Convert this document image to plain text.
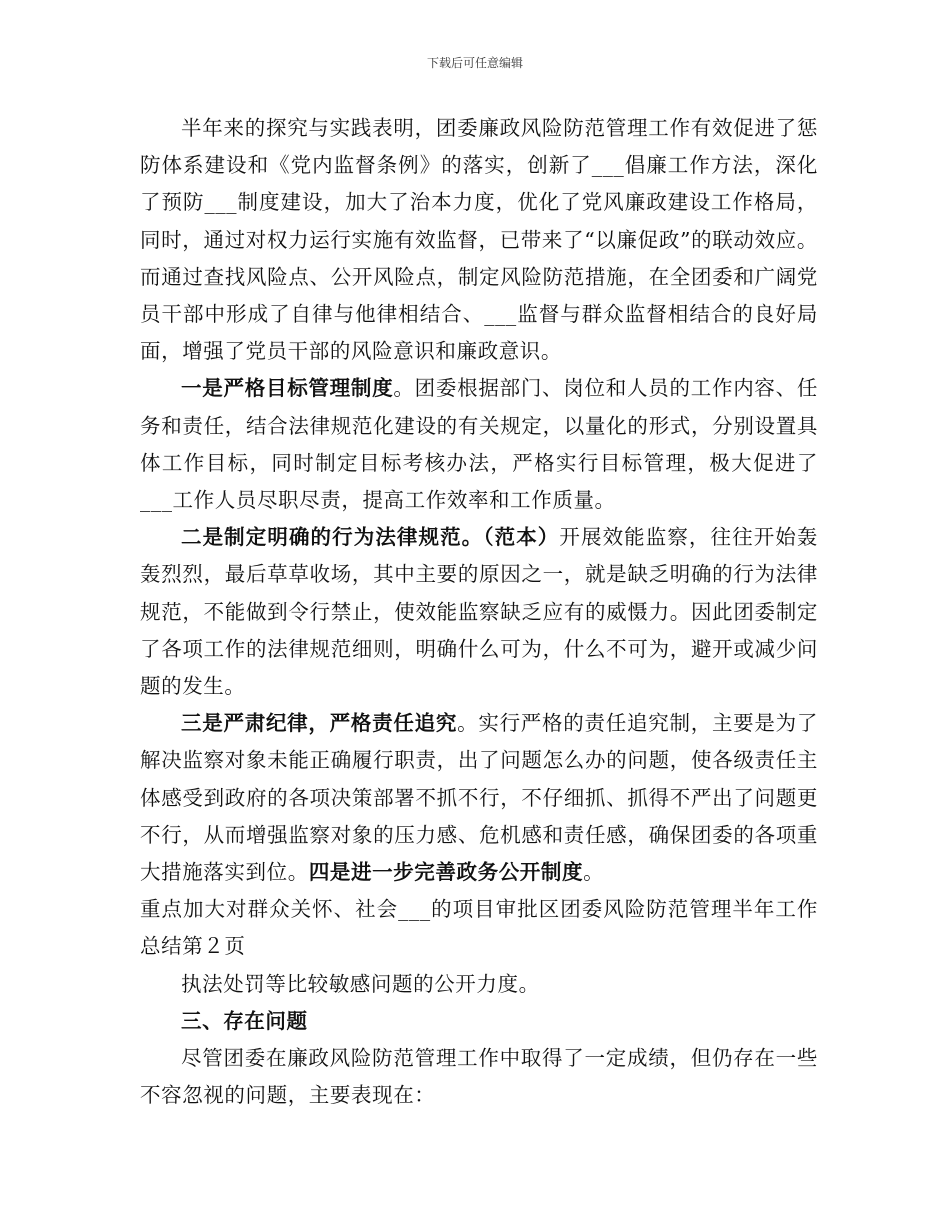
下载后可任意编辑

半年来的探究与实践表明，团委廉政风险防范管理工作有效促进了惩防体系建设和《党内监督条例》的落实，创新了___倡廉工作方法，深化了预防___制度建设，加大了治本力度，优化了党风廉政建设工作格局，同时，通过对权力运行实施有效监督，已带来了“以廉促政”的联动效应。而通过查找风险点、公开风险点，制定风险防范措施，在全团委和广阔党员干部中形成了自律与他律相结合、___监督与群众监督相结合的良好局面，增强了党员干部的风险意识和廉政意识。

一是严格目标管理制度。团委根据部门、岗位和人员的工作内容、任务和责任，结合法律规范化建设的有关规定，以量化的形式，分别设置具体工作目标，同时制定目标考核办法，严格实行目标管理，极大促进了___工作人员尽职尽责，提高工作效率和工作质量。

二是制定明确的行为法律规范。（范本）开展效能监察，往往开始轰轰烈烈，最后草草收场，其中主要的原因之一，就是缺乏明确的行为法律规范，不能做到令行禁止，使效能监察缺乏应有的威慑力。因此团委制定了各项工作的法律规范细则，明确什么可为，什么不可为，避开或减少问题的发生。

三是严肃纪律，严格责任追究。实行严格的责任追究制，主要是为了解决监察对象未能正确履行职责，出了问题怎么办的问题，使各级责任主体感受到政府的各项决策部署不抓不行，不仔细抓、抓得不严出了问题更不行，从而增强监察对象的压力感、危机感和责任感，确保团委的各项重大措施落实到位。四是进一步完善政务公开制度。

重点加大对群众关怀、社会___的项目审批区团委风险防范管理半年工作总结第２页

执法处罚等比较敏感问题的公开力度。

三、存在问题

尽管团委在廉政风险防范管理工作中取得了一定成绩，但仍存在一些不容忽视的问题，主要表现在：
